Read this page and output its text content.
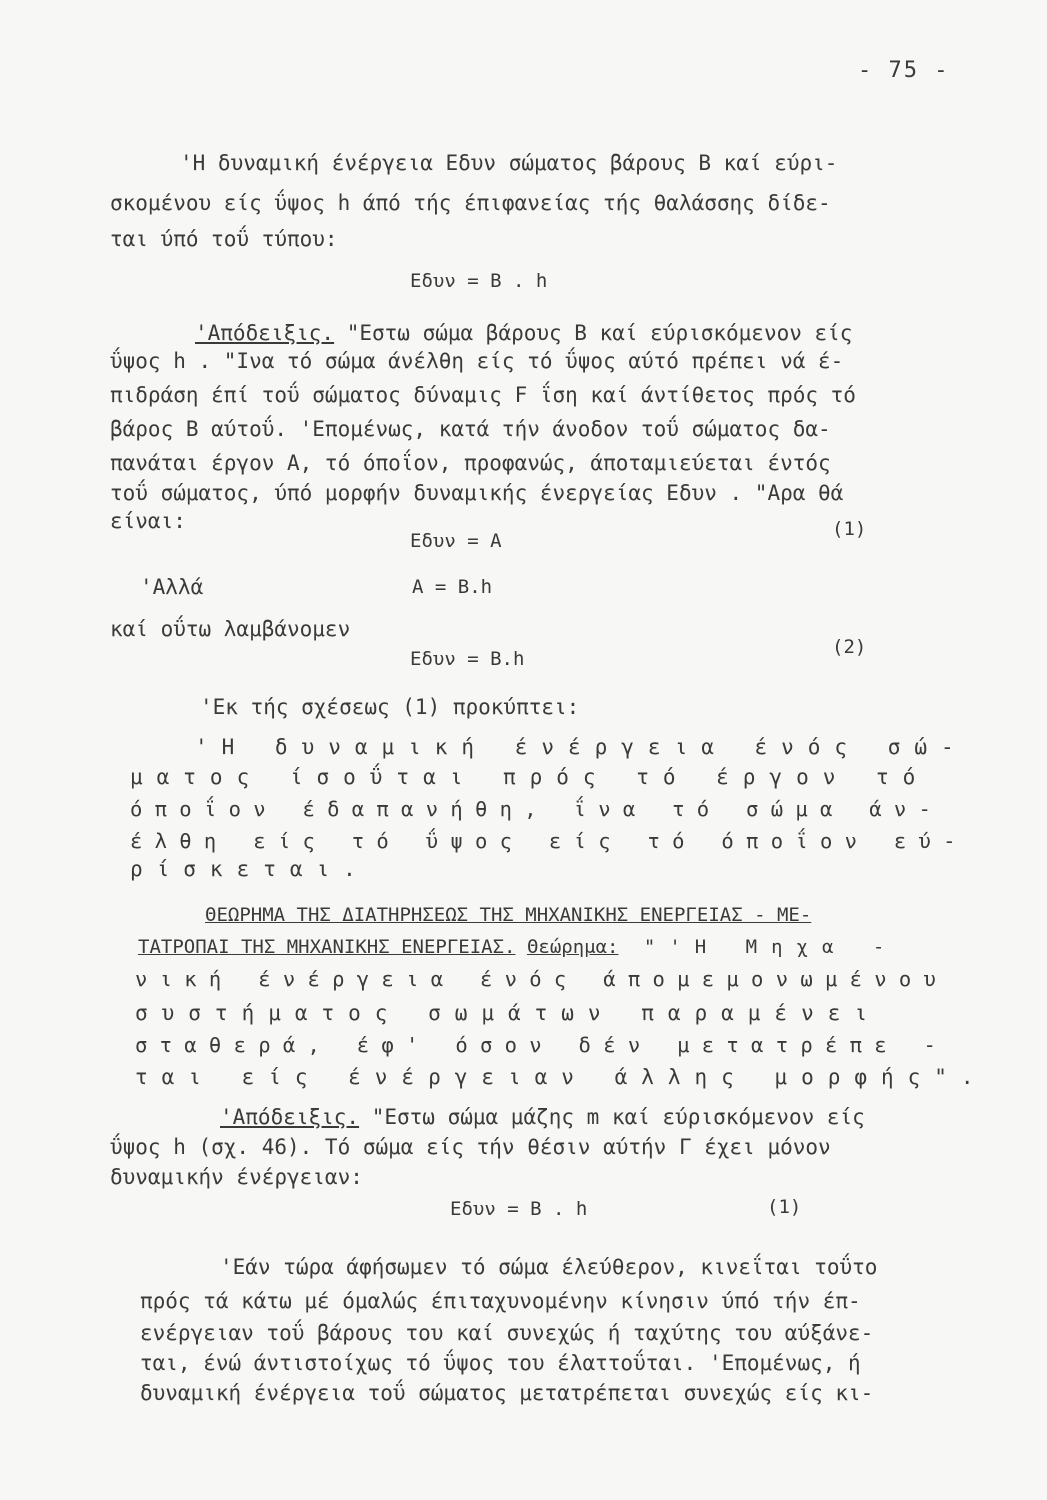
- 75 -
'Η δυναμική ένέργεια Εδυν σώματος βάρους Β καί εύρι-
σκομένου είς ΰψος h άπό τής έπιφανείας τής θαλάσσης δίδε-
ται ύπό τοΰ τύπου:
Εδυν = Β . h
'Απόδειξις. "Εστω σώμα βάρους Β καί εύρισκόμενον είς
ΰψος h . "Ινα τό σώμα άνέλθη είς τό ΰψος αύτό πρέπει νά έ-
πιδράση έπί τοΰ σώματος δύναμις F ΐση καί άντίθετος πρός τό
βάρος Β αύτοΰ. 'Επομένως, κατά τήν άνοδον τοΰ σώματος δα-
πανάται έργον Α, τό όποΐον, προφανώς, άποταμιεύεται έντός
τοΰ σώματος, ύπό μορφήν δυναμικής ένεργείας Εδυν . "Αρα θά
είναι:
Εδυν = Α
(1)
'Αλλά	Α = Β.h
καί οΰτω λαμβάνομεν
Εδυν = Β.h
(2)
'Εκ τής σχέσεως (1) προκύπτει:
'Η δυναμική ένέργεια ένός σώ-
ματος ίσοΰται πρός τό έργον τό
όποΐον έδαπανήθη, ΐνα τό σώμα άν-
έλθη είς τό ΰψος είς τό όποΐον εύ-
ρίσκεται.
ΘΕΩΡΗΜΑ ΤΗΣ ΔΙΑΤΗΡΗΣΕΩΣ ΤΗΣ ΜΗΧΑΝΙΚΗΣ ΕΝΕΡΓΕΙΑΣ - ΜΕ-
ΤΑΤΡΟΠΑΙ ΤΗΣ ΜΗΧΑΝΙΚΗΣ ΕΝΕΡΓΕΙΑΣ. Θεώρημα: "'Η Μηχα -
νική ένέργεια ένός άπομεμονωμένου
συστήματος σωμάτων παραμένει
σταθερά, έφ' όσον δέν μετατρέπε -
ται είς ένέργειαν άλλης μορφής".
'Απόδειξις. "Εστω σώμα μάζης m καί εύρισκόμενον είς
ΰψος h (σχ. 46). Τό σώμα είς τήν θέσιν αύτήν Γ έχει μόνον
δυναμικήν ένέργειαν:
Εδυν = Β . h	(1)
'Εάν τώρα άφήσωμεν τό σώμα έλεύθερον, κινεΐται τοΰτο
πρός τά κάτω μέ όμαλώς έπιταχυνομένην κίνησιν ύπό τήν έπ-
ενέργειαν τοΰ βάρους του καί συνεχώς ή ταχύτης του αύξάνε-
ται, ένώ άντιστοίχως τό ΰψος του έλαττοΰται. 'Επομένως, ή
δυναμική ένέργεια τοΰ σώματος μετατρέπεται συνεχώς είς κι-
